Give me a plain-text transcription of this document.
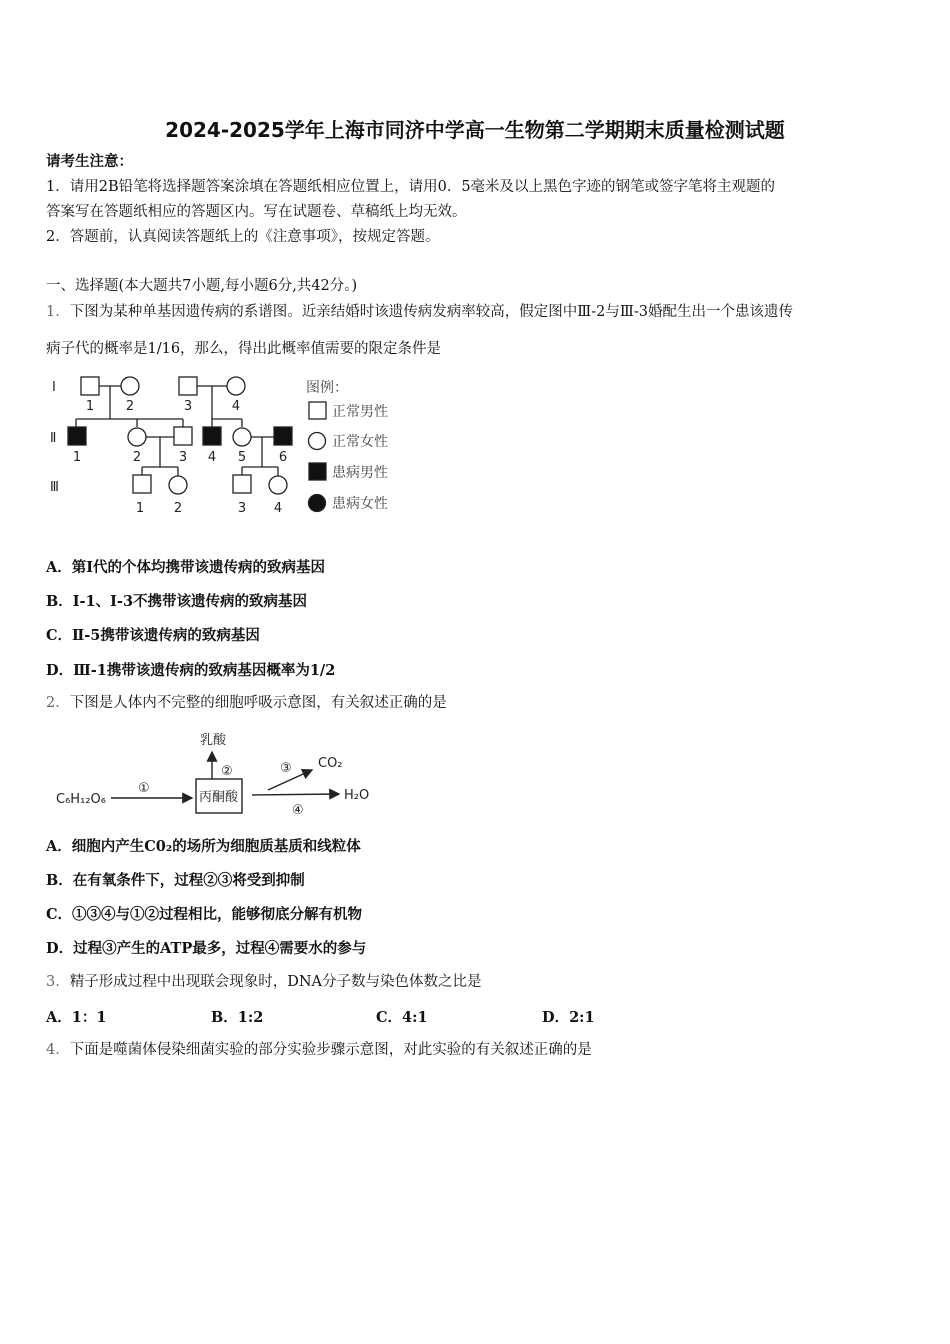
2024-2025学年上海市同济中学高一生物第二学期期末质量检测试题
请考生注意：
1．请用2B铅笔将选择题答案涂填在答题纸相应位置上，请用0．5毫米及以上黑色字迹的钢笔或签字笔将主观题的
答案写在答题纸相应的答题区内。写在试题卷、草稿纸上均无效。
2．答题前，认真阅读答题纸上的《注意事项》，按规定答题。
一、选择题(本大题共7小题,每小题6分,共42分。)
1．下图为某种单基因遗传病的系谱图。近亲结婚时该遗传病发病率较高，假定图中Ⅲ-2与Ⅲ-3婚配生出一个患该遗传
病子代的概率是1/16，那么，得出此概率值需要的限定条件是
Ⅰ
Ⅱ
Ⅲ
1 2	3	4
1	2	3 4 5	6
1 2	3 4
图例：
正常男性
正常女性
患病男性
患病女性
A．第Ⅰ代的个体均携带该遗传病的致病基因
B．Ⅰ-1、Ⅰ-3不携带该遗传病的致病基因
C．Ⅱ-5携带该遗传病的致病基因
D．Ⅲ-1携带该遗传病的致病基因概率为1/2
2．下图是人体内不完整的细胞呼吸示意图，有关叙述正确的是
C₆H₁₂O₆	丙酮酸
乳酸
CO₂
H₂O
①
②	③
④
A．细胞内产生C0₂的场所为细胞质基质和线粒体
B．在有氧条件下，过程②③将受到抑制
C．①③④与①②过程相比，能够彻底分解有机物
D．过程③产生的ATP最多，过程④需要水的参与
3．精子形成过程中出现联会现象时，DNA分子数与染色体数之比是
A．1：1	B．1:2	C．4:1	D．2:1
4．下面是噬菌体侵染细菌实验的部分实验步骤示意图，对此实验的有关叙述正确的是
